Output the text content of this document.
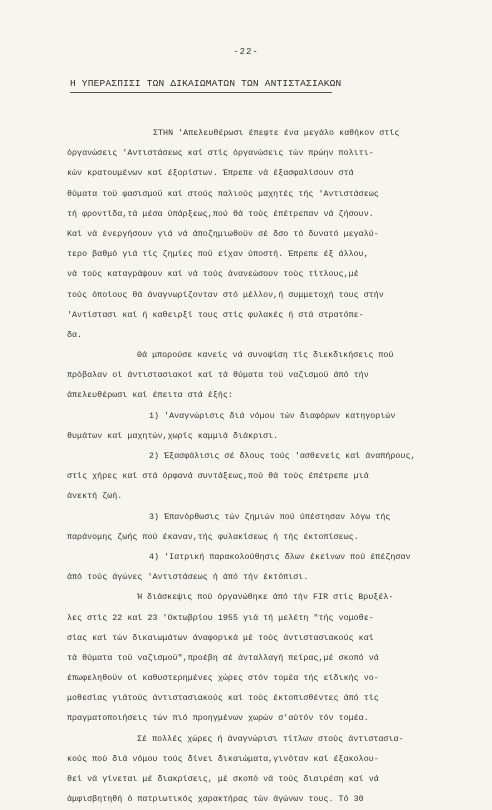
-22-
Η ΥΠΕΡΑΣΠΙΣΙ ΤΩΝ ΔΙΚΑΙΩΜΑΤΩΝ ΤΩΝ ΑΝΤΙΣΤΑΣΙΑΚΩΝ
ΣΤΗΝ 'Απελευθέρωσι έπεφτε ένα μεγάλο καθήκον στίς
όργανώσεις 'Αντιστάσεως καί στίς όργανώσεις τών πρώην πολιτι-
κών κρατουμένων καί έξορίστων. Έπρεπε νά έξασφαλίσουν στά
θύματα τοϋ φασισμοϋ καί στούς παλιούς μαχητές τής 'Αντιστάσεως
τή φροντίδα,τά μέσα ύπάρξεως,πού θά τούς έπέτρεπαν νά ζήσουν.
Καί νά ένεργήσουν γιά νά άποζημιωθοϋν σέ δσο τό δυνατό μεγαλύ-
τερο βαθμό γιά τίς ζημίες ποϋ είχαν ύποστή. Έπρεπε έξ άλλου,
νά τούς καταγράψουν καί νά τούς άνανεώσουν τούς τίτλους,μέ
τούς όποίους θά άναγνωρίζονταν στό μέλλον,ή συμμετοχή τους στήν
'Αντίστασι καί ή καθειρξί τους στίς φυλακές ή στά στρατόπε-
δα.
Θά μπορούσε κανείς νά συνοψίση τίς διεκδικήσεις πού
πρόβαλαν οί άντιστασιακοί καί τά θύματα τοϋ ναζισμοϋ άπό τήν
άπελευθέρωσι καί έπειτα στά έξής:
1) 'Αναγνώρισις διά νόμου τών διαφόρων κατηγοριών
θυμάτων καί μαχητών,χωρίς καμμιά διάκρισι.
2) Έξασφάλισις σέ δλους τούς 'ασθενείς καί άναπήρους,
στίς χήρες καί στά όρφανά συντάξεως,πού θά τούς έπέτρεπε μιά
άνεκτή ζωή.
3) Έπανόρθωσις τών ζημιών πού ύπέστησαν λόγω τής
παράνομης ζωής πού έκαναν,τής φυλακίσεως ή τής έκτοπίσεως.
4) 'Ιατρική παρακολούθησις δλων έκείνων πού έπέζησαν
άπό τούς άγώνες 'Αντιστάσεως ή άπό τήν έκτόπισι.
Ή διάσκεψις πού όργανώθηκε άπό τήν FIR στίς Βρυξέλ-
λες στίς 22 καί 23 'Οκτωβρίου 1955 γιά τή μελέτη "τής νομοθε-
σίας καί τών δικαιωμάτων άναφορικά μέ τούς άντιστασιακούς καί
τά θύματα τοϋ ναζισμοϋ",προέβη σέ άνταλλαγή πείρας,μέ σκοπό νά
έπωφεληθοϋν οί καθυστερημένες χώρες στόν τομέα τής είδικής νο-
μοθεσίας γιάτούς άντιστασιακούς καί τούς έκτοπισθέντες άπό τίς
πραγματοποιήσεις τών πιό προηγμένων χωρών σ'αύτόν τόν τομέα.
Σέ πολλές χώρες ή άναγνώρισι τίτλων στούς άντιστασια-
κούς πού διά νόμου τούς δίνει δικαιώματα,γινόταν καί έξακολου-
θεί νά γίνεται μέ διακρίσεις, μέ σκοπό νά τούς διαιρέση καί νά
άμφισβητηθή ό πατριωτικός χαρακτήρας τών άγώνων τους. Τό 30
